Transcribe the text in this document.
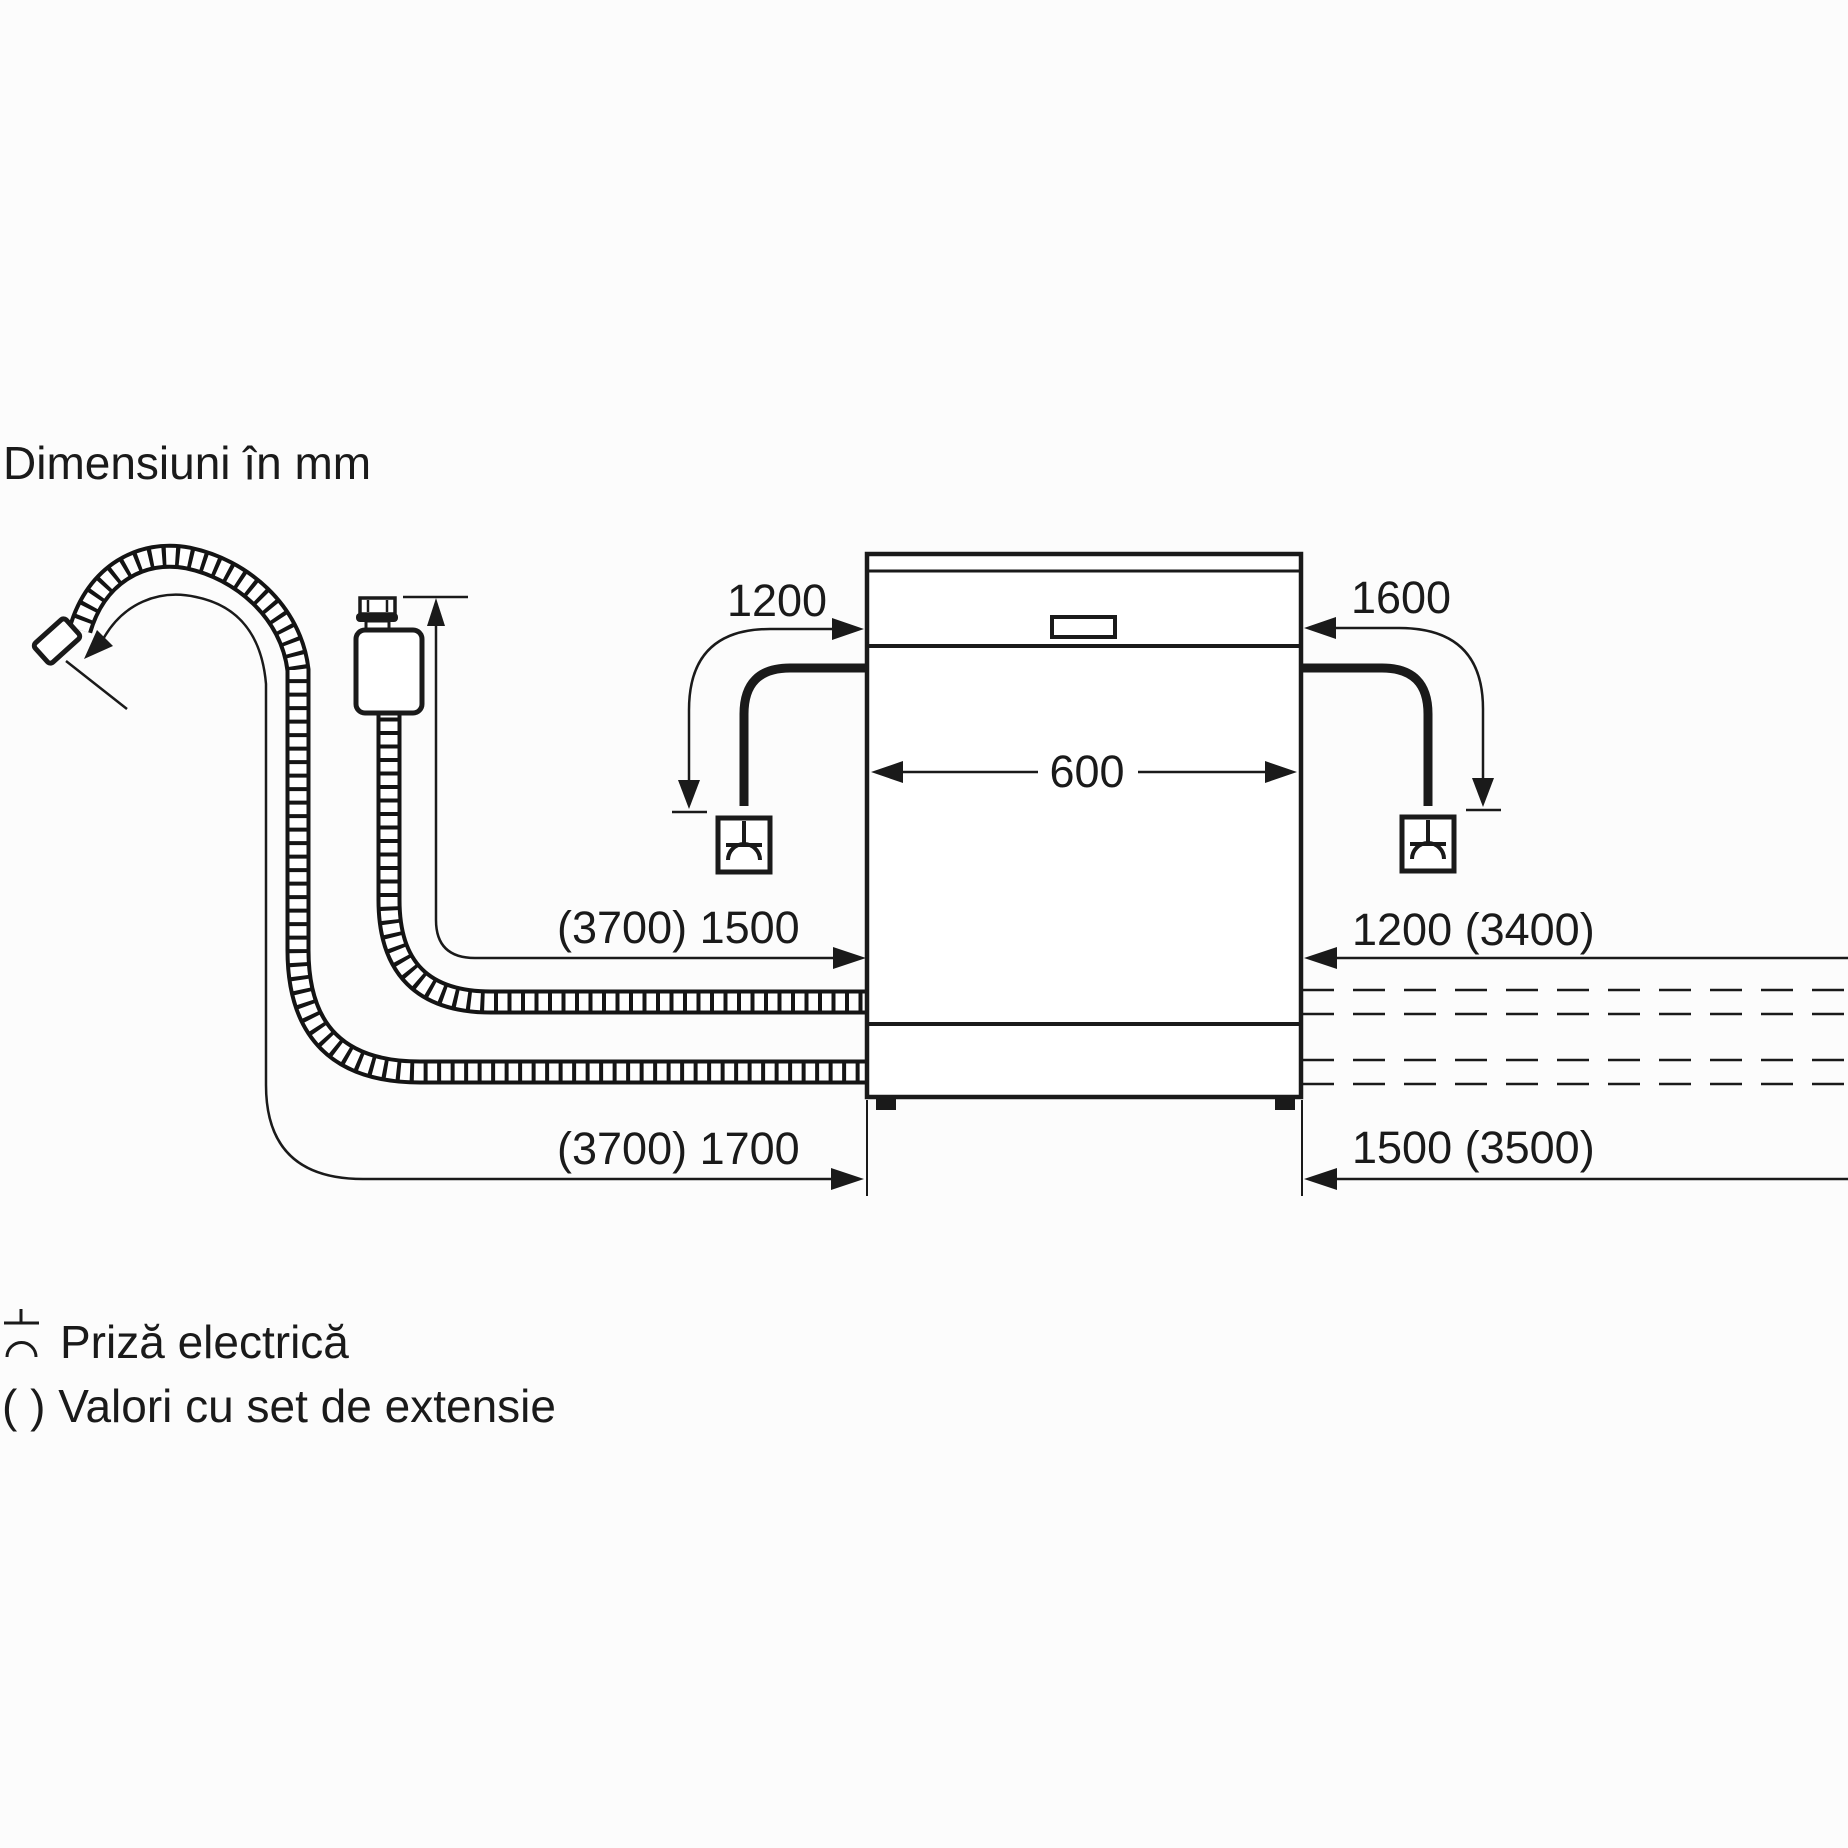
Dimensiuni în mm
1200	1600
600
(3700) 1500
(3700) 1700
1200 (3400)
1500 (3500)
Priză electrică
( ) Valori cu set de extensie
